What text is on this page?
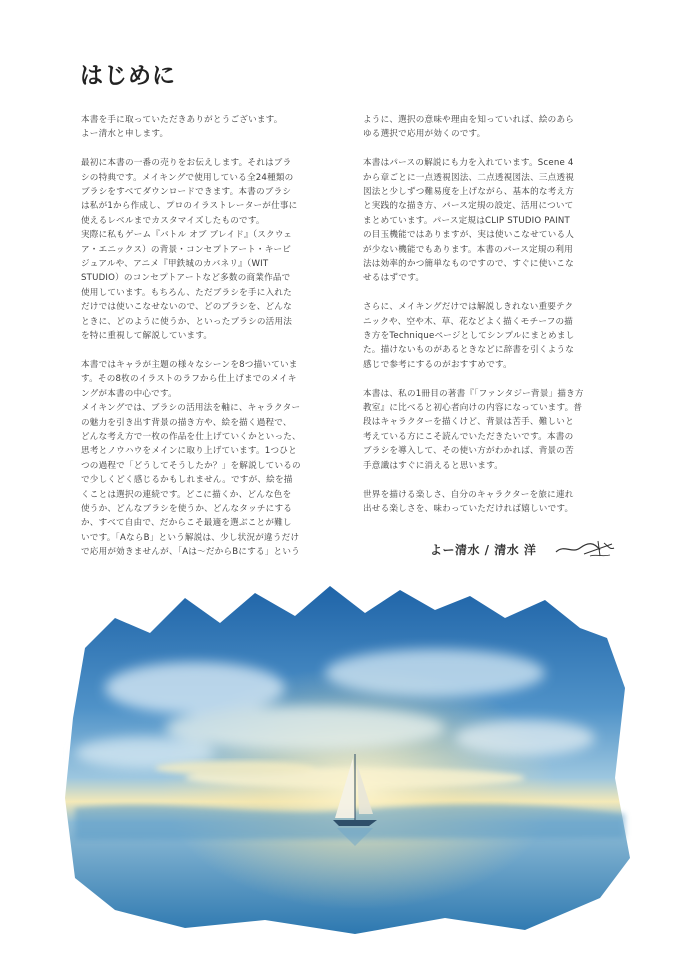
はじめに

本書を手に取っていただきありがとうございます。
よー清水と申します。

最初に本書の一番の売りをお伝えします。それはブラ
シの特典です。メイキングで使用している全24種類の
ブラシをすべてダウンロードできます。本書のブラシ
は私が1から作成し、プロのイラストレーターが仕事に
使えるレベルまでカスタマイズしたものです。
実際に私もゲーム『バトル オブ ブレイド』（スクウェ
ア・エニックス）の背景・コンセプトアート・キービ
ジュアルや、アニメ『甲鉄城のカバネリ』（WIT
STUDIO）のコンセプトアートなど多数の商業作品で
使用しています。もちろん、ただブラシを手に入れた
だけでは使いこなせないので、どのブラシを、どんな
ときに、どのように使うか、といったブラシの活用法
を特に重視して解説しています。

本書ではキャラが主題の様々なシーンを8つ描いていま
す。その8枚のイラストのラフから仕上げまでのメイキ
ングが本書の中心です。
メイキングでは、ブラシの活用法を軸に、キャラクター
の魅力を引き出す背景の描き方や、絵を描く過程で、
どんな考え方で一枚の作品を仕上げていくかといった、
思考とノウハウをメインに取り上げています。1つひと
つの過程で「どうしてそうしたか？」を解説しているの
で少しくどく感じるかもしれません。ですが、絵を描
くことは選択の連続です。どこに描くか、どんな色を
使うか、どんなブラシを使うか、どんなタッチにする
か、すべて自由で、だからこそ最適を選ぶことが難し
いです。「AならB」という解説は、少し状況が違うだけ
で応用が効きませんが、「Aは～だからBにする」という

ように、選択の意味や理由を知っていれば、絵のあら
ゆる選択で応用が効くのです。

本書はパースの解説にも力を入れています。Scene 4
から章ごとに一点透視図法、二点透視図法、三点透視
図法と少しずつ難易度を上げながら、基本的な考え方
と実践的な描き方、パース定規の設定、活用について
まとめています。パース定規はCLIP STUDIO PAINT
の目玉機能ではありますが、実は使いこなせている人
が少ない機能でもあります。本書のパース定規の利用
法は効率的かつ簡単なものですので、すぐに使いこな
せるはずです。

さらに、メイキングだけでは解説しきれない重要テク
ニックや、空や木、草、花などよく描くモチーフの描
き方をTechniqueページとしてシンプルにまとめまし
た。描けないものがあるときなどに辞書を引くような
感じで参考にするのがおすすめです。

本書は、私の1冊目の著書『「ファンタジー背景」描き方
教室』に比べると初心者向けの内容になっています。普
段はキャラクターを描くけど、背景は苦手、難しいと
考えている方にこそ読んでいただきたいです。本書の
ブラシを導入して、その使い方がわかれば、背景の苦
手意識はすぐに消えると思います。

世界を描ける楽しさ、自分のキャラクターを旅に連れ
出せる楽しさを、味わっていただければ嬉しいです。

よー清水 / 清水 洋
